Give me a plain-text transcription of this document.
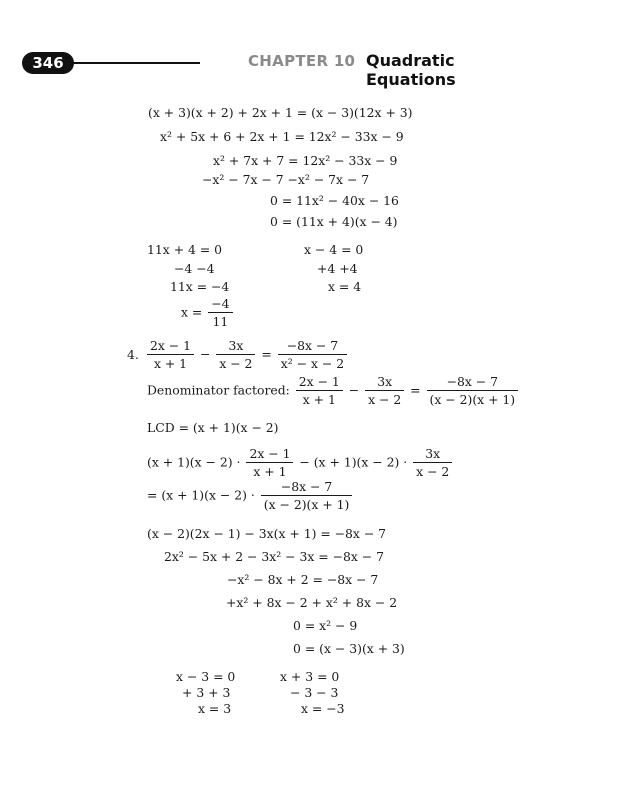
346	CHAPTER 10 Quadratic Equations
(x + 3)(x + 2) + 2x + 1 = (x − 3)(12x + 3)
x² + 5x + 6 + 2x + 1 = 12x² − 33x − 9
x² + 7x + 7 = 12x² − 33x − 9
−x² − 7x − 7 −x² − 7x − 7
0 = 11x² − 40x − 16
0 = (11x + 4)(x − 4)
11x + 4 = 0
−4 −4
11x = −4
x − 4 = 0
+4 +4
x = 4
$x = \frac{-4}{11}$
4. $\frac{2x - 1}{x + 1} - \frac{3x}{x - 2} = \frac{-8x - 7}{\text{x² − x − 2}}$
Denominator factored: $\frac{2x - 1}{x + 1} - \frac{3x}{x - 2} = \frac{-8x - 7}{(x - 2)(x + 1)}$
LCD = (x + 1)(x − 2)
$(x + 1)(x - 2) \cdot \frac{2x - 1}{x + 1} - (x + 1)(x - 2) \cdot \frac{3x}{x - 2}$
= $(x + 1)(x - 2) \cdot \frac{-8x - 7}{(x - 2)(x + 1)}$
(x − 2)(2x − 1) − 3x(x + 1) = −8x − 7
2x² − 5x + 2 − 3x² − 3x = −8x − 7
−x² − 8x + 2 = −8x − 7
+x² + 8x − 2 + x² + 8x − 2
0 = x² − 9
0 = (x − 3)(x + 3)
x − 3 = 0
+ 3 + 3
x = 3
x + 3 = 0
− 3 − 3
x = −3
